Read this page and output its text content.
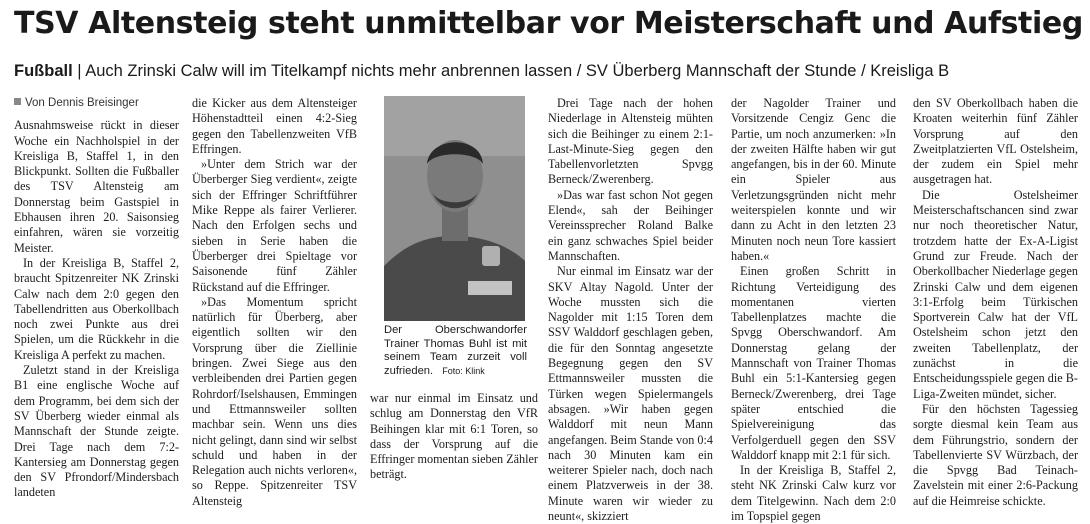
TSV Altensteig steht unmittelbar vor Meisterschaft und Aufstieg
Fußball | Auch Zrinski Calw will im Titelkampf nichts mehr anbrennen lassen / SV Überberg Mannschaft der Stunde / Kreisliga B
Von Dennis Breisinger

Ausnahmsweise rückt in dieser Woche ein Nachholspiel in der Kreisliga B, Staffel 1, in den Blickpunkt. Sollten die Fußballer des TSV Altensteig am Donnerstag beim Gastspiel in Ebhausen ihren 20. Saisonsieg einfahren, wären sie vorzeitig Meister.

In der Kreisliga B, Staffel 2, braucht Spitzenreiter NK Zrinski Calw nach dem 2:0 gegen den Tabellendritten aus Oberkollbach noch zwei Punkte aus drei Spielen, um die Rückkehr in die Kreisliga A perfekt zu machen.

Zuletzt stand in der Kreisliga B1 eine englische Woche auf dem Programm, bei dem sich der SV Überberg wieder einmal als Mannschaft der Stunde zeigte. Drei Tage nach dem 7:2-Kantersieg am Donnerstag gegen den SV Pfrondorf/Mindersbach landeten

die Kicker aus dem Altensteiger Höhenstadtteil einen 4:2-Sieg gegen den Tabellenzweiten VfB Effringen.

»Unter dem Strich war der Überberger Sieg verdient«, zeigte sich der Effringer Schriftführer Mike Reppe als fairer Verlierer. Nach den Erfolgen sechs und sieben in Serie haben die Überberger drei Spieltage vor Saisonende fünf Zähler Rückstand auf die Effringer.

»Das Momentum spricht natürlich für Überberg, aber eigentlich sollten wir den Vorsprung über die Ziellinie bringen. Zwei Siege aus den verbleibenden drei Partien gegen Rohrdorf/Iselshausen, Emmingen und Ettmannsweiler sollten machbar sein. Wenn uns dies nicht gelingt, dann sind wir selbst schuld und haben in der Relegation auch nichts verloren«, so Reppe. Spitzenreiter TSV Altensteig

Der Oberschwandorfer Trainer Thomas Buhl ist mit seinem Team zurzeit voll zufrieden. Foto: Klink

war nur einmal im Einsatz und schlug am Donnerstag den VfR Beihingen klar mit 6:1 Toren, so dass der Vorsprung auf die Effringer momentan sieben Zähler beträgt.

Drei Tage nach der hohen Niederlage in Altensteig mühten sich die Beihinger zu einem 2:1-Last-Minute-Sieg gegen den Tabellenvorletzten Spvgg Berneck/Zwerenberg.

»Das war fast schon Not gegen Elend«, sah der Beihinger Vereinssprecher Roland Balke ein ganz schwaches Spiel beider Mannschaften.

Nur einmal im Einsatz war der SKV Altay Nagold. Unter der Woche mussten sich die Nagolder mit 1:15 Toren dem SSV Walddorf geschlagen geben, die für den Sonntag angesetzte Begegnung gegen den SV Ettmannsweiler mussten die Türken wegen Spielermangels absagen. »Wir haben gegen Walddorf mit neun Mann angefangen. Beim Stande von 0:4 nach 30 Minuten kam ein weiterer Spieler nach, doch nach einem Platzverweis in der 38. Minute waren wir wieder zu neunt«, skizziert

der Nagolder Trainer und Vorsitzende Cengiz Genc die Partie, um noch anzumerken: »In der zweiten Hälfte haben wir gut angefangen, bis in der 60. Minute ein Spieler aus Verletzungsgründen nicht mehr weiterspielen konnte und wir dann zu Acht in den letzten 23 Minuten noch neun Tore kassiert haben.«

Einen großen Schritt in Richtung Verteidigung des momentanen vierten Tabellenplatzes machte die Spvgg Oberschwandorf. Am Donnerstag gelang der Mannschaft von Trainer Thomas Buhl ein 5:1-Kantersieg gegen Berneck/Zwerenberg, drei Tage später entschied die Spielvereinigung das Verfolgerduell gegen den SSV Walddorf knapp mit 2:1 für sich.

In der Kreisliga B, Staffel 2, steht NK Zrinski Calw kurz vor dem Titelgewinn. Nach dem 2:0 im Topspiel gegen

den SV Oberkollbach haben die Kroaten weiterhin fünf Zähler Vorsprung auf den Zweitplatzierten VfL Ostelsheim, der zudem ein Spiel mehr ausgetragen hat.

Die Ostelsheimer Meisterschaftschancen sind zwar nur noch theoretischer Natur, trotzdem hatte der Ex-A-Ligist Grund zur Freude. Nach der Oberkollbacher Niederlage gegen Zrinski Calw und dem eigenen 3:1-Erfolg beim Türkischen Sportverein Calw hat der VfL Ostelsheim schon jetzt den zweiten Tabellenplatz, der zunächst in die Entscheidungsspiele gegen die B-Liga-Zweiten mündet, sicher.

Für den höchsten Tagessieg sorgte diesmal kein Team aus dem Führungstrio, sondern der Tabellenvierte SV Würzbach, der die Spvgg Bad Teinach-Zavelstein mit einer 2:6-Packung auf die Heimreise schickte.
